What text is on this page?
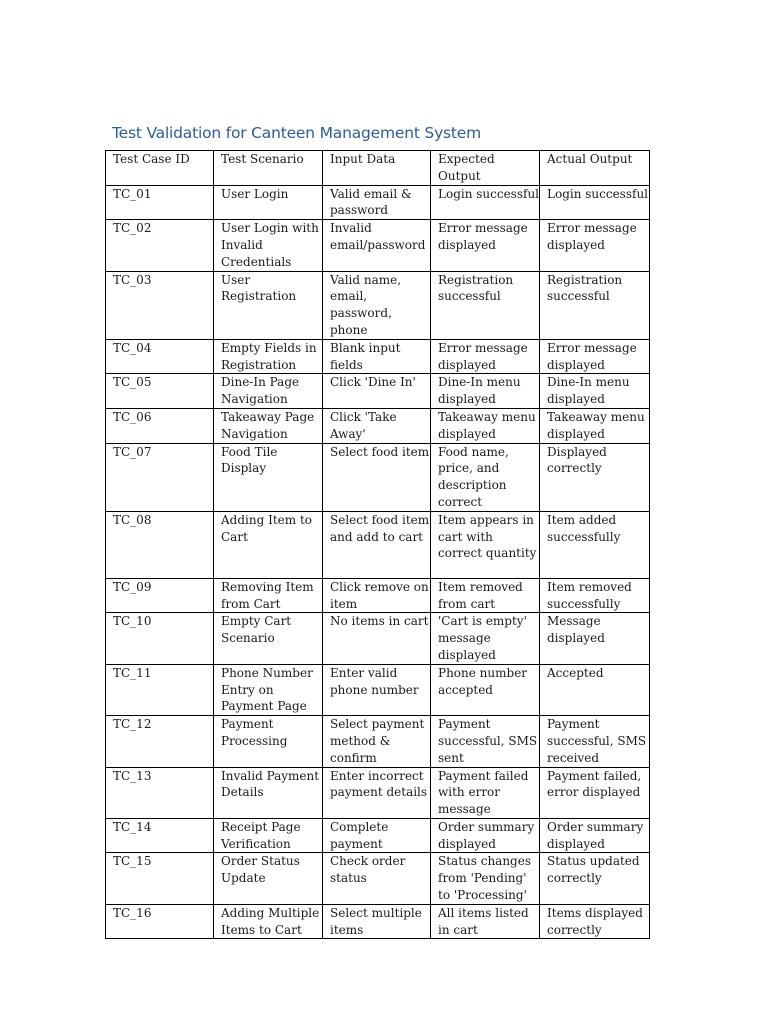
Test Validation for Canteen Management System
Test Case ID	Test Scenario	Input Data	Expected Output	Actual Output
TC_01	User Login	Valid email & password	Login successful	Login successful
TC_02	User Login with Invalid Credentials	Invalid email/password	Error message displayed	Error message displayed
TC_03	User Registration	Valid name, email, password, phone	Registration successful	Registration successful
TC_04	Empty Fields in Registration	Blank input fields	Error message displayed	Error message displayed
TC_05	Dine-In Page Navigation	Click 'Dine In'	Dine-In menu displayed	Dine-In menu displayed
TC_06	Takeaway Page Navigation	Click 'Take Away'	Takeaway menu displayed	Takeaway menu displayed
TC_07	Food Tile Display	Select food item	Food name, price, and description correct	Displayed correctly
TC_08	Adding Item to Cart	Select food item and add to cart	Item appears in cart with correct quantity	Item added successfully
TC_09	Removing Item from Cart	Click remove on item	Item removed from cart	Item removed successfully
TC_10	Empty Cart Scenario	No items in cart	'Cart is empty' message displayed	Message displayed
TC_11	Phone Number Entry on Payment Page	Enter valid phone number	Phone number accepted	Accepted
TC_12	Payment Processing	Select payment method & confirm	Payment successful, SMS sent	Payment successful, SMS received
TC_13	Invalid Payment Details	Enter incorrect payment details	Payment failed with error message	Payment failed, error displayed
TC_14	Receipt Page Verification	Complete payment	Order summary displayed	Order summary displayed
TC_15	Order Status Update	Check order status	Status changes from 'Pending' to 'Processing'	Status updated correctly
TC_16	Adding Multiple Items to Cart	Select multiple items	All items listed in cart	Items displayed correctly
